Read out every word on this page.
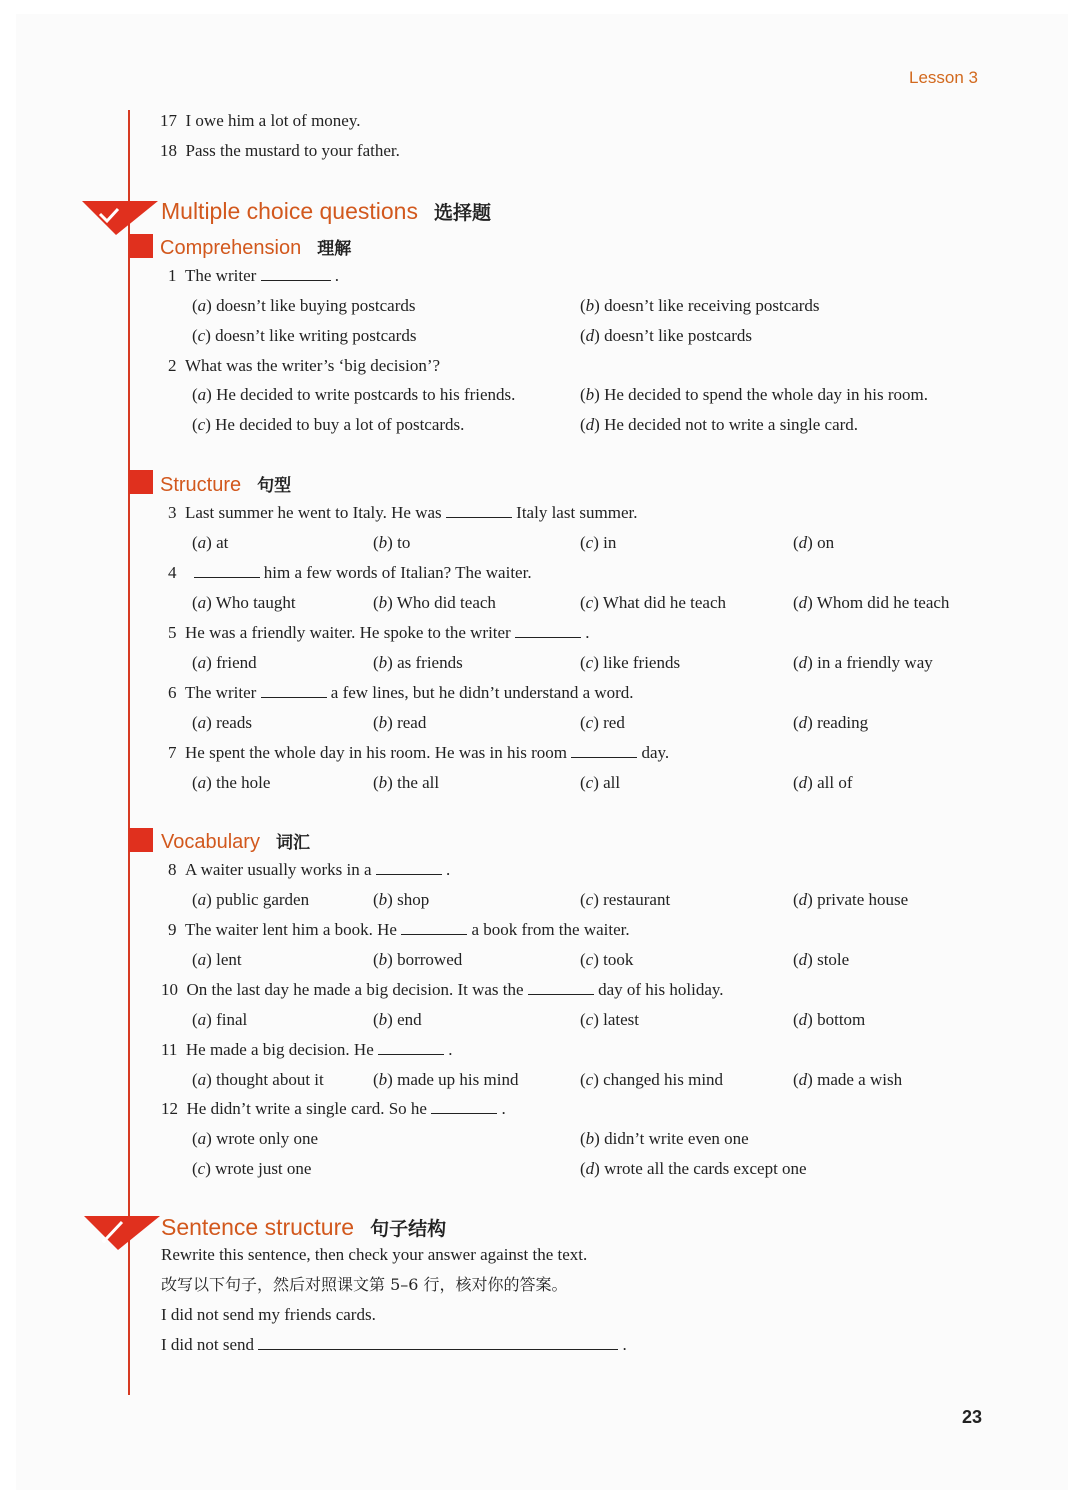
Lesson 3
23
17 I owe him a lot of money.
18 Pass the mustard to your father.
Multiple choice questions 选择题
Comprehension 理解
1 The writer	.
(a) doesn’t like buying postcards	(b) doesn’t like receiving postcards
(c) doesn’t like writing postcards	(d) doesn’t like postcards
2 What was the writer’s ‘big decision’?
(a) He decided to write postcards to his friends.	(b) He decided to spend the whole day in his room.
(c) He decided to buy a lot of postcards.	(d) He decided not to write a single card.
Structure 句型
3 Last summer he went to Italy. He was	Italy last summer.
(a) at	(b) to	(c) in	(d) on
4	him a few words of Italian? The waiter.
(a) Who taught	(b) Who did teach	(c) What did he teach	(d) Whom did he teach
5 He was a friendly waiter. He spoke to the writer	.
(a) friend	(b) as friends	(c) like friends	(d) in a friendly way
6 The writer	a few lines, but he didn’t understand a word.
(a) reads	(b) read	(c) red	(d) reading
7 He spent the whole day in his room. He was in his room	day.
(a) the hole	(b) the all	(c) all	(d) all of
Vocabulary 词汇
8 A waiter usually works in a	.
(a) public garden	(b) shop	(c) restaurant	(d) private house
9 The waiter lent him a book. He	a book from the waiter.
(a) lent	(b) borrowed	(c) took	(d) stole
10 On the last day he made a big decision. It was the	day of his holiday.
(a) final	(b) end	(c) latest	(d) bottom
11 He made a big decision. He	.
(a) thought about it	(b) made up his mind	(c) changed his mind	(d) made a wish
12 He didn’t write a single card. So he	.
(a) wrote only one	(b) didn’t write even one
(c) wrote just one	(d) wrote all the cards except one
Sentence structure 句子结构
Rewrite this sentence, then check your answer against the text.
改写以下句子，然后对照课文第 5–6 行，核对你的答案。
I did not send my friends cards.
I did not send	.
